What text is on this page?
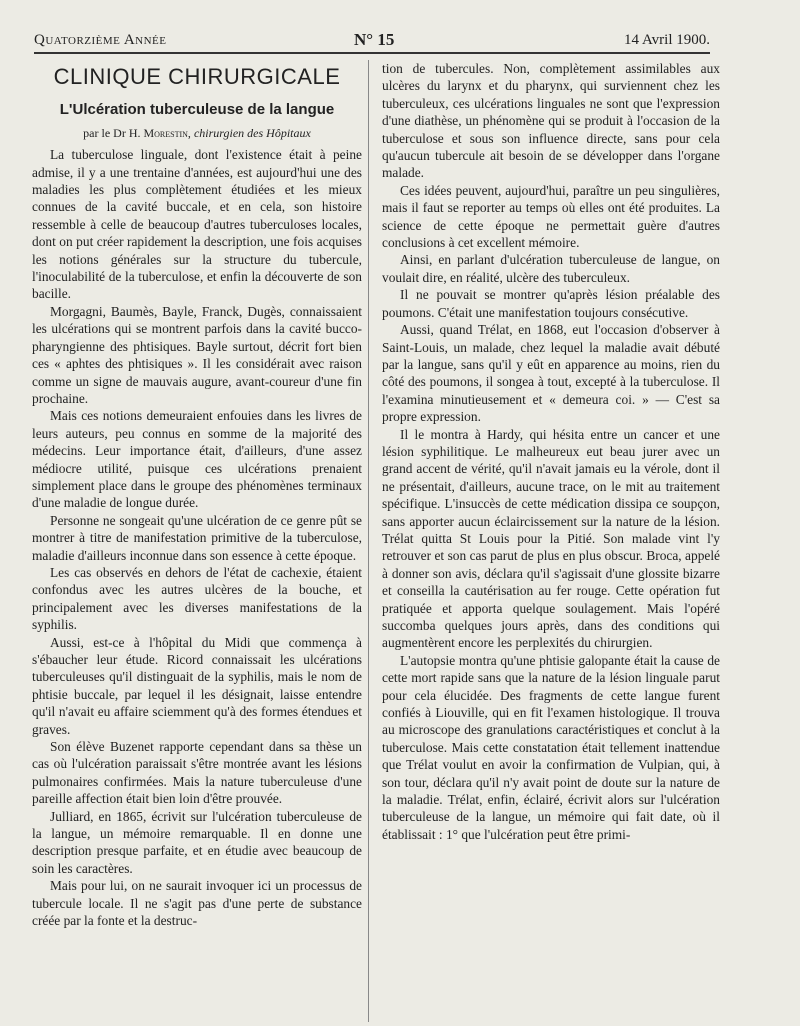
Quatorzième Année	N° 15	14 Avril 1900.
CLINIQUE CHIRURGICALE
L'Ulcération tuberculeuse de la langue
par le Dr H. Morestin, chirurgien des Hôpitaux

La tuberculose linguale, dont l'existence était à peine admise, il y a une trentaine d'années, est aujourd'hui une des maladies les plus complètement étudiées et les mieux connues de la cavité buccale, et en cela, son histoire ressemble à celle de beaucoup d'autres tuberculoses locales, dont on put créer rapidement la description, une fois acquises les notions générales sur la structure du tubercule, l'inoculabilité de la tuberculose, et enfin la découverte de son bacille.

Morgagni, Baumès, Bayle, Franck, Dugès, connaissaient les ulcérations qui se montrent parfois dans la cavité bucco-pharyngienne des phtisiques. Bayle surtout, décrit fort bien ces « aphtes des phtisiques ». Il les considérait avec raison comme un signe de mauvais augure, avant-coureur d'une fin prochaine.

Mais ces notions demeuraient enfouies dans les livres de leurs auteurs, peu connus en somme de la majorité des médecins. Leur importance était, d'ailleurs, d'une assez médiocre utilité, puisque ces ulcérations prenaient simplement place dans le groupe des phénomènes terminaux d'une maladie de longue durée.

Personne ne songeait qu'une ulcération de ce genre pût se montrer à titre de manifestation primitive de la tuberculose, maladie d'ailleurs inconnue dans son essence à cette époque.

Les cas observés en dehors de l'état de cachexie, étaient confondus avec les autres ulcères de la bouche, et principalement avec les diverses manifestations de la syphilis.

Aussi, est-ce à l'hôpital du Midi que commença à s'ébaucher leur étude. Ricord connaissait les ulcérations tuberculeuses qu'il distinguait de la syphilis, mais le nom de phtisie buccale, par lequel il les désignait, laisse entendre qu'il n'avait eu affaire sciemment qu'à des formes étendues et graves.

Son élève Buzenet rapporte cependant dans sa thèse un cas où l'ulcération paraissait s'être montrée avant les lésions pulmonaires confirmées. Mais la nature tuberculeuse d'une pareille affection était bien loin d'être prouvée.

Julliard, en 1865, écrivit sur l'ulcération tuberculeuse de la langue, un mémoire remarquable. Il en donne une description presque parfaite, et en étudie avec beaucoup de soin les caractères.

Mais pour lui, on ne saurait invoquer ici un processus de tubercule locale. Il ne s'agit pas d'une perte de substance créée par la fonte et la destruc-

tion de tubercules. Non, complètement assimilables aux ulcères du larynx et du pharynx, qui surviennent chez les tuberculeux, ces ulcérations linguales ne sont que l'expression d'une diathèse, un phénomène qui se produit à l'occasion de la tuberculose et sous son influence directe, sans pour cela qu'aucun tubercule ait besoin de se développer dans l'organe malade.

Ces idées peuvent, aujourd'hui, paraître un peu singulières, mais il faut se reporter au temps où elles ont été produites. La science de cette époque ne permettait guère d'autres conclusions à cet excellent mémoire.

Ainsi, en parlant d'ulcération tuberculeuse de langue, on voulait dire, en réalité, ulcère des tuberculeux.

Il ne pouvait se montrer qu'après lésion préalable des poumons. C'était une manifestation toujours consécutive.

Aussi, quand Trélat, en 1868, eut l'occasion d'observer à Saint-Louis, un malade, chez lequel la maladie avait débuté par la langue, sans qu'il y eût en apparence au moins, rien du côté des poumons, il songea à tout, excepté à la tuberculose. Il l'examina minutieusement et « demeura coi. » — C'est sa propre expression.

Il le montra à Hardy, qui hésita entre un cancer et une lésion syphilitique. Le malheureux eut beau jurer avec un grand accent de vérité, qu'il n'avait jamais eu la vérole, dont il ne présentait, d'ailleurs, aucune trace, on le mit au traitement spécifique. L'insuccès de cette médication dissipa ce soupçon, sans apporter aucun éclaircissement sur la nature de la lésion. Trélat quitta St Louis pour la Pitié. Son malade vint l'y retrouver et son cas parut de plus en plus obscur. Broca, appelé à donner son avis, déclara qu'il s'agissait d'une glossite bizarre et conseilla la cautérisation au fer rouge. Cette opération fut pratiquée et apporta quelque soulagement. Mais l'opéré succomba quelques jours après, dans des conditions qui augmentèrent encore les perplexités du chirurgien.

L'autopsie montra qu'une phtisie galopante était la cause de cette mort rapide sans que la nature de la lésion linguale parut pour cela élucidée. Des fragments de cette langue furent confiés à Liouville, qui en fit l'examen histologique. Il trouva au microscope des granulations caractéristiques et conclut à la tuberculose. Mais cette constatation était tellement inattendue que Trélat voulut en avoir la confirmation de Vulpian, qui, à son tour, déclara qu'il n'y avait point de doute sur la nature de la maladie. Trélat, enfin, éclairé, écrivit alors sur l'ulcération tuberculeuse de la langue, un mémoire qui fait date, où il établissait : 1° que l'ulcération peut être primi-
